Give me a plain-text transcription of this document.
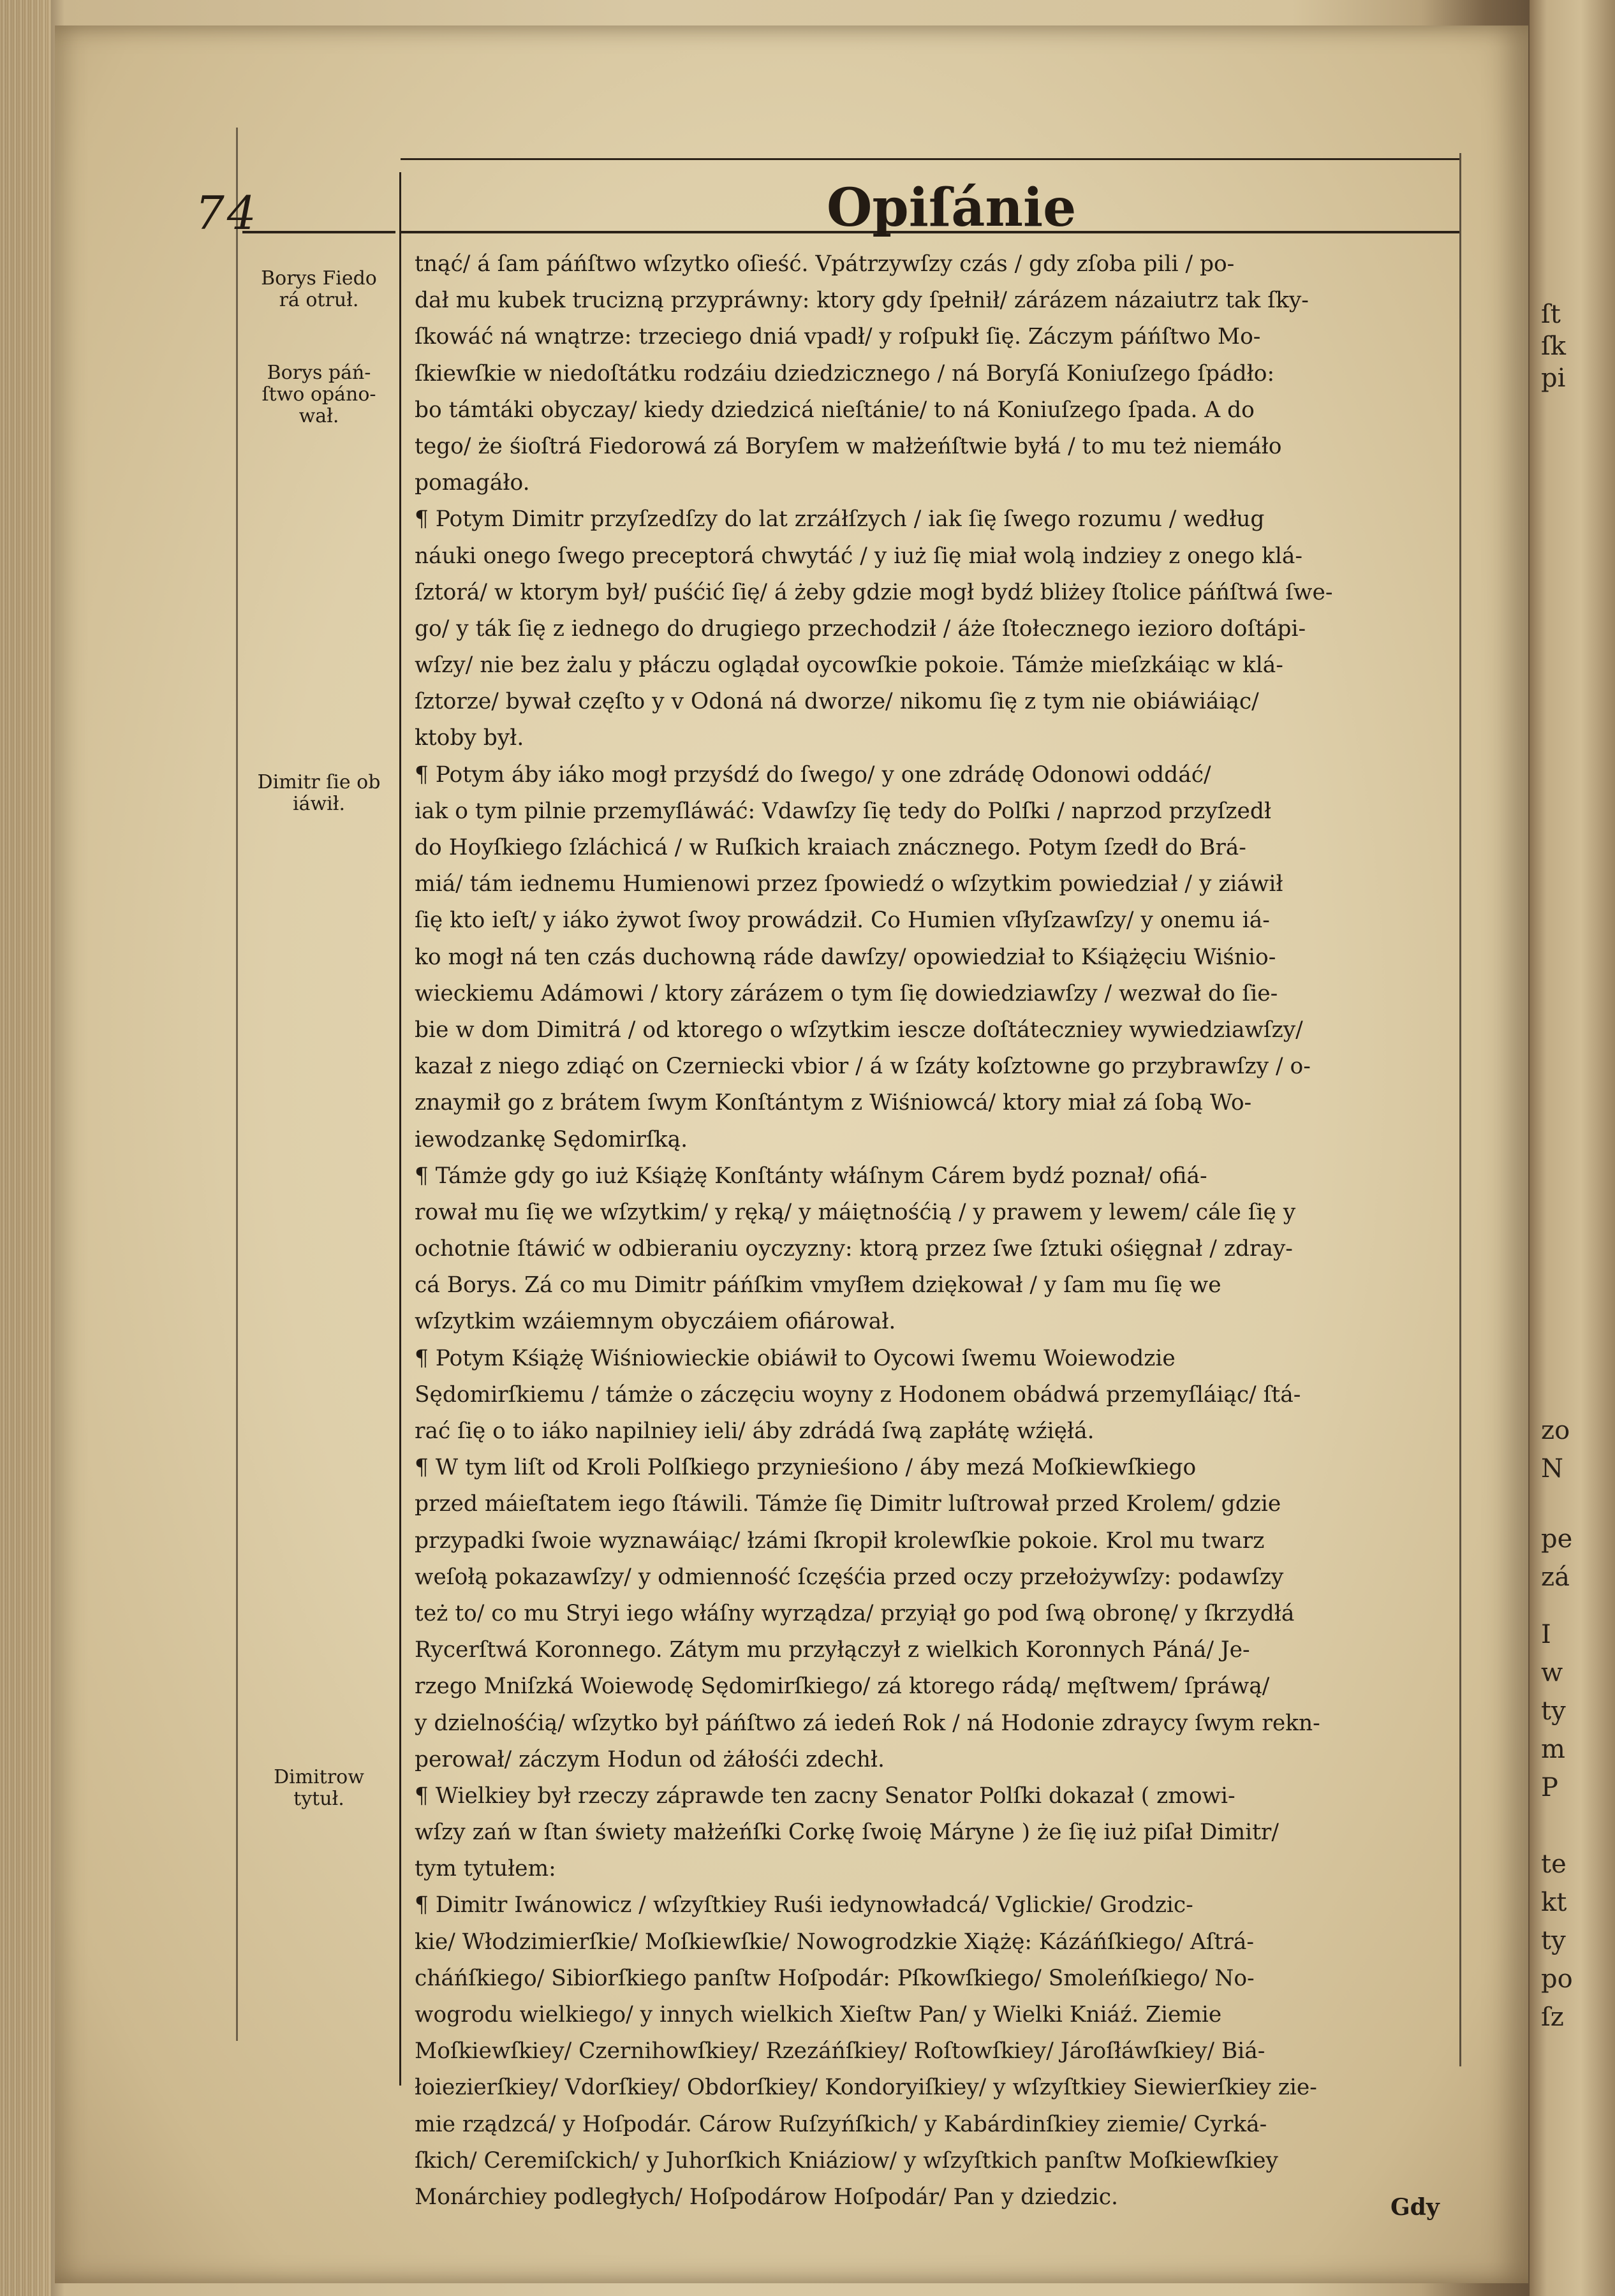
74	Opiſánie
Borys Fiedo
rá otruł.
Borys páń-
ſtwo opáno-
wał.
Dimitr ſie ob
iáwił.
Dimitrow
tytuł.
tnąć/ á ſam páńſtwo wſzytko oſieść. Vpátrzywſzy czás / gdy zſoba pili / po-
dał mu kubek trucizną przypráwny: ktory gdy ſpełnił/ zárázem názaiutrz tak ſky-
ſkowáć ná wnątrze: trzeciego dniá vpadł/ y roſpukł ſię. Záczym páńſtwo Mo-
ſkiewſkie w niedoſtátku rodzáiu dziedzicznego / ná Boryſá Koniuſzego ſpádło:
bo támtáki obyczay/ kiedy dziedzicá nieſtánie/ to ná Koniuſzego ſpada. A do
tego/ że śioſtrá Fiedorowá zá Boryſem w małżeńſtwie byłá / to mu też niemáło
pomagáło.
¶ Potym Dimitr przyſzedſzy do lat zrzáłſzych / iak ſię ſwego rozumu / według
náuki onego ſwego preceptorá chwytáć / y iuż ſię miał wolą indziey z onego klá-
ſztorá/ w ktorym był/ puśćić ſię/ á żeby gdzie mogł bydź bliżey ſtolice páńſtwá ſwe-
go/ y ták ſię z iednego do drugiego przechodził / áże ſtołecznego iezioro doſtápi-
wſzy/ nie bez żalu y płáczu oglądał oycowſkie pokoie. Támże mieſzkáiąc w klá-
ſztorze/ bywał częſto y v Odoná ná dworze/ nikomu ſię z tym nie obiáwiáiąc/
ktoby był.
¶ Potym áby iáko mogł przyśdź do ſwego/ y one zdrádę Odonowi oddáć/
iak o tym pilnie przemyſláwáć: Vdawſzy ſię tedy do Polſki / naprzod przyſzedł
do Hoyſkiego ſzláchicá / w Ruſkich kraiach znácznego. Potym ſzedł do Brá-
miá/ tám iednemu Humienowi przez ſpowiedź o wſzytkim powiedział / y ziáwił
ſię kto ieſt/ y iáko żywot ſwoy prowádził. Co Humien vſłyſzawſzy/ y onemu iá-
ko mogł ná ten czás duchowną ráde dawſzy/ opowiedział to Kśiążęciu Wiśnio-
wieckiemu Adámowi / ktory zárázem o tym ſię dowiedziawſzy / wezwał do ſie-
bie w dom Dimitrá / od ktorego o wſzytkim iescze doſtáteczniey wywiedziawſzy/
kazał z niego zdiąć on Czerniecki vbior / á w ſzáty koſztowne go przybrawſzy / o-
znaymił go z brátem ſwym Konſtántym z Wiśniowcá/ ktory miał zá ſobą Wo-
iewodzankę Sędomirſką.
¶ Támże gdy go iuż Kśiążę Konſtánty włáſnym Cárem bydź poznał/ ofiá-
rował mu ſię we wſzytkim/ y ręką/ y máiętnośćią / y prawem y lewem/ cále ſię y
ochotnie ſtáwić w odbieraniu oyczyzny: ktorą przez ſwe ſztuki ośięgnał / zdray-
cá Borys. Zá co mu Dimitr páńſkim vmyſłem dziękował / y ſam mu ſię we
wſzytkim wzáiemnym obyczáiem ofiárował.
¶ Potym Kśiążę Wiśniowieckie obiáwił to Oycowi ſwemu Woiewodzie
Sędomirſkiemu / támże o záczęciu woyny z Hodonem obádwá przemyſláiąc/ ſtá-
rać ſię o to iáko napilniey ieli/ áby zdrádá ſwą zapłátę wźięłá.
¶ W tym liſt od Kroli Polſkiego przynieśiono / áby mezá Moſkiewſkiego
przed máieſtatem iego ſtáwili. Támże ſię Dimitr luſtrował przed Krolem/ gdzie
przypadki ſwoie wyznawáiąc/ łzámi ſkropił krolewſkie pokoie. Krol mu twarz
weſołą pokazawſzy/ y odmienność ſczęśćia przed oczy przełożywſzy: podawſzy
też to/ co mu Stryi iego włáſny wyrządza/ przyiął go pod ſwą obronę/ y ſkrzydłá
Rycerſtwá Koronnego. Zátym mu przyłączył z wielkich Koronnych Páná/ Je-
rzego Mniſzká Woiewodę Sędomirſkiego/ zá ktorego rádą/ męſtwem/ ſpráwą/
y dzielnośćią/ wſzytko był páńſtwo zá iedeń Rok / ná Hodonie zdraycy ſwym rekn-
perował/ záczym Hodun od żáłośći zdechł.
¶ Wielkiey był rzeczy záprawde ten zacny Senator Polſki dokazał ( zmowi-
wſzy zań w ſtan świety małżeńſki Corkę ſwoię Máryne ) że ſię iuż piſał Dimitr/
tym tytułem:
¶ Dimitr Iwánowicz / wſzyſtkiey Ruśi iedynowładcá/ Vglickie/ Grodzic-
kie/ Włodzimierſkie/ Moſkiewſkie/ Nowogrodzkie Xiążę: Kázáńſkiego/ Aſtrá-
cháńſkiego/ Sibiorſkiego panſtw Hoſpodár: Pſkowſkiego/ Smoleńſkiego/ No-
wogrodu wielkiego/ y innych wielkich Xieſtw Pan/ y Wielki Kniáź. Ziemie
Moſkiewſkiey/ Czernihowſkiey/ Rzezáńſkiey/ Roſtowſkiey/ Jároſłáwſkiey/ Biá-
łoiezierſkiey/ Vdorſkiey/ Obdorſkiey/ Kondoryiſkiey/ y wſzyſtkiey Siewierſkiey zie-
mie rządzcá/ y Hoſpodár. Cárow Ruſzyńſkich/ y Kabárdinſkiey ziemie/ Cyrká-
ſkich/ Ceremiſckich/ y Juhorſkich Kniáziow/ y wſzyſtkich panſtw Moſkiewſkiey
Monárchiey podległych/ Hoſpodárow Hoſpodár/ Pan y dziedzic.	Gdy
ſt
ſk
pi
zo
N
pe
zá
I
w
ty
m
P
te
kt
ty
po
ſz
